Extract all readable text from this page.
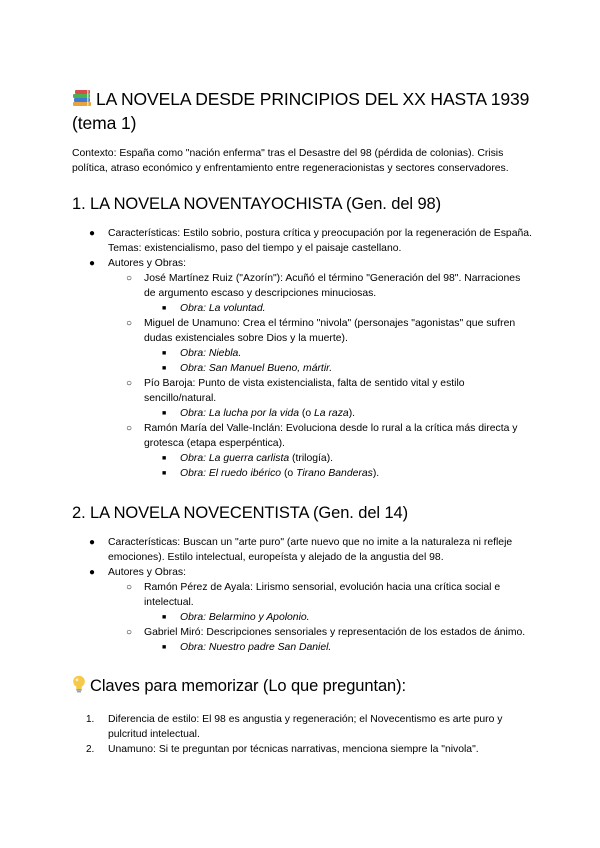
LA NOVELA DESDE PRINCIPIOS DEL XX HASTA 1939 (tema 1)

Contexto: España como "nación enferma" tras el Desastre del 98 (pérdida de colonias). Crisis política, atraso económico y enfrentamiento entre regeneracionistas y sectores conservadores.

1. LA NOVELA NOVENTAYOCHISTA (Gen. del 98)
● Características: Estilo sobrio, postura crítica y preocupación por la regeneración de España. Temas: existencialismo, paso del tiempo y el paisaje castellano.
● Autores y Obras:
○ José Martínez Ruiz ("Azorín"): Acuñó el término "Generación del 98". Narraciones de argumento escaso y descripciones minuciosas.
■ Obra: La voluntad.
○ Miguel de Unamuno: Crea el término "nivola" (personajes "agonistas" que sufren dudas existenciales sobre Dios y la muerte).
■ Obra: Niebla.
■ Obra: San Manuel Bueno, mártir.
○ Pío Baroja: Punto de vista existencialista, falta de sentido vital y estilo sencillo/natural.
■ Obra: La lucha por la vida (o La raza).
○ Ramón María del Valle-Inclán: Evoluciona desde lo rural a la crítica más directa y grotesca (etapa esperpéntica).
■ Obra: La guerra carlista (trilogía).
■ Obra: El ruedo ibérico (o Tirano Banderas).
2. LA NOVELA NOVECENTISTA (Gen. del 14)
● Características: Buscan un "arte puro" (arte nuevo que no imite a la naturaleza ni refleje emociones). Estilo intelectual, europeísta y alejado de la angustia del 98.
● Autores y Obras:
○ Ramón Pérez de Ayala: Lirismo sensorial, evolución hacia una crítica social e intelectual.
■ Obra: Belarmino y Apolonio.
○ Gabriel Miró: Descripciones sensoriales y representación de los estados de ánimo.
■ Obra: Nuestro padre San Daniel.
Claves para memorizar (Lo que preguntan):
1. Diferencia de estilo: El 98 es angustia y regeneración; el Novecentismo es arte puro y pulcritud intelectual.
2. Unamuno: Si te preguntan por técnicas narrativas, menciona siempre la "nivola".
